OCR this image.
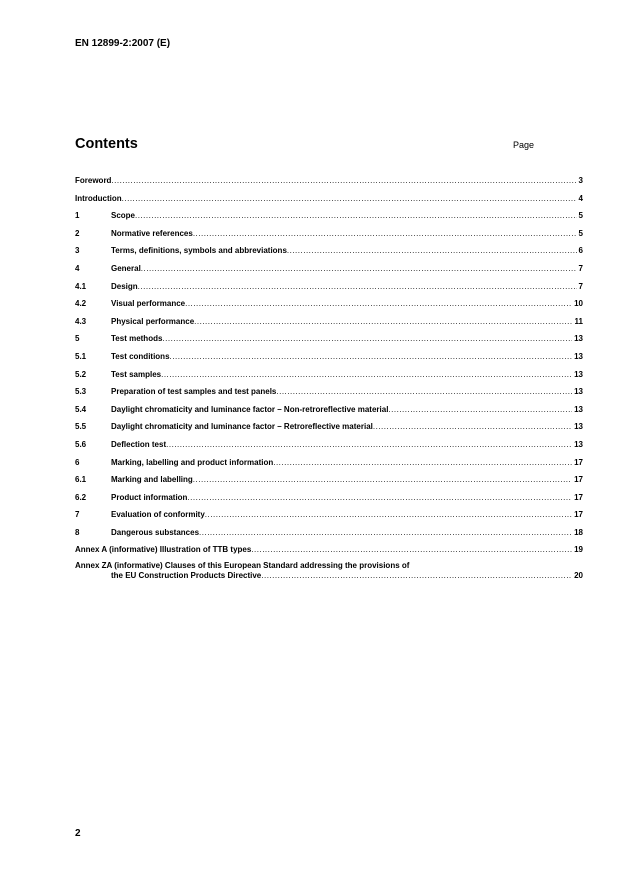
EN 12899-2:2007 (E)
Contents	Page
Foreword .....	3
Introduction .....	4
1	Scope .....	5
2	Normative references .....	5
3	Terms, definitions, symbols and abbreviations .....	6
4	General .....	7
4.1	Design .....	7
4.2	Visual performance .....	10
4.3	Physical performance .....	11
5	Test methods .....	13
5.1	Test conditions .....	13
5.2	Test samples .....	13
5.3	Preparation of test samples and test panels .....	13
5.4	Daylight chromaticity and luminance factor – Non-retroreflective material .....	13
5.5	Daylight chromaticity and luminance factor – Retroreflective material .....	13
5.6	Deflection test .....	13
6	Marking, labelling and product information .....	17
6.1	Marking and labelling .....	17
6.2	Product information .....	17
7	Evaluation of conformity .....	17
8	Dangerous substances .....	18
Annex A (informative) Illustration of TTB types .....	19
Annex ZA (informative) Clauses of this European Standard addressing the provisions of
the EU Construction Products Directive .....	20
2
